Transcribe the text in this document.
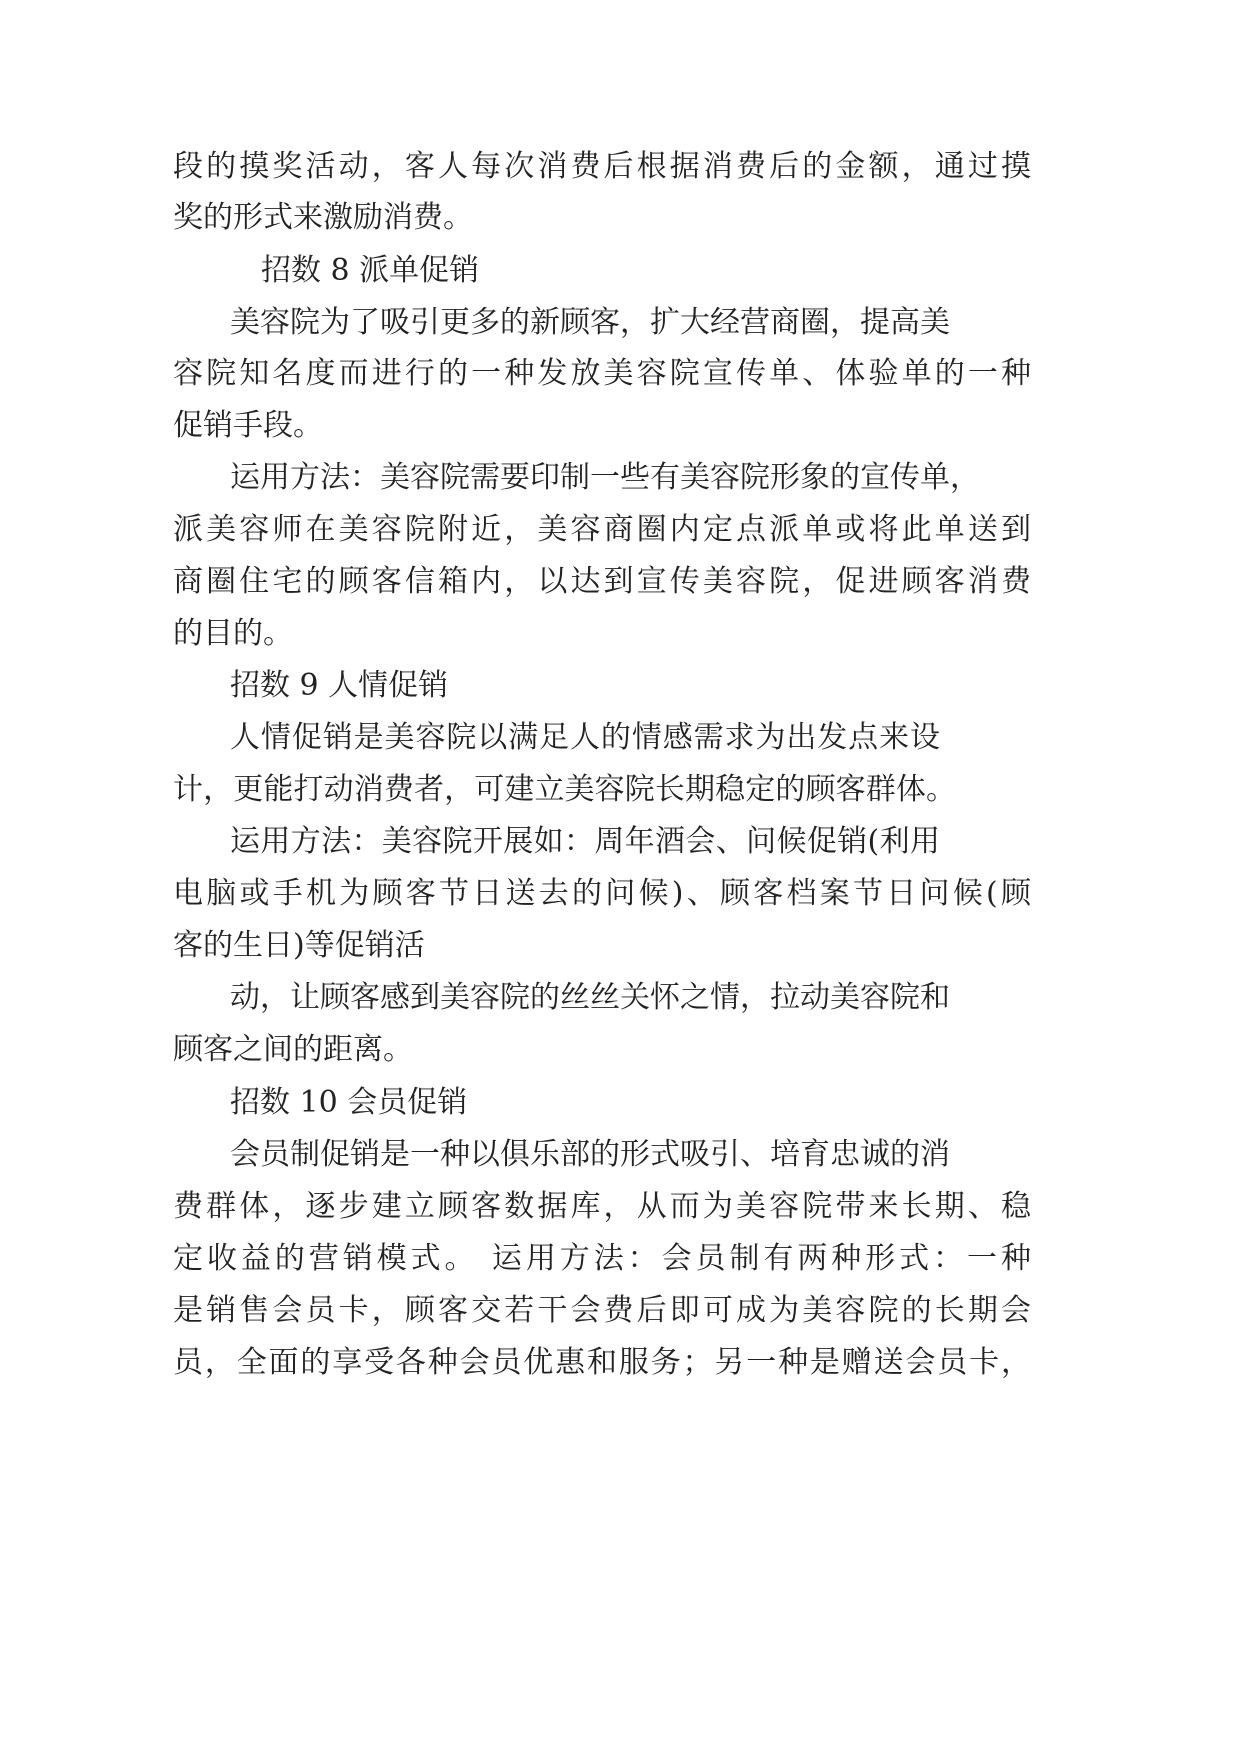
段的摸奖活动，客人每次消费后根据消费后的金额，通过摸
奖的形式来激励消费。
招数 8 派单促销
美容院为了吸引更多的新顾客，扩大经营商圈，提高美
容院知名度而进行的一种发放美容院宣传单、体验单的一种
促销手段。
运用方法：美容院需要印制一些有美容院形象的宣传单，
派美容师在美容院附近，美容商圈内定点派单或将此单送到
商圈住宅的顾客信箱内，以达到宣传美容院，促进顾客消费
的目的。
招数 9 人情促销
人情促销是美容院以满足人的情感需求为出发点来设
计，更能打动消费者，可建立美容院长期稳定的顾客群体。
运用方法：美容院开展如：周年酒会、问候促销(利用
电脑或手机为顾客节日送去的问候)、顾客档案节日问候(顾
客的生日)等促销活
动，让顾客感到美容院的丝丝关怀之情，拉动美容院和
顾客之间的距离。
招数 10 会员促销
会员制促销是一种以俱乐部的形式吸引、培育忠诚的消
费群体，逐步建立顾客数据库，从而为美容院带来长期、稳
定收益的营销模式。 运用方法：会员制有两种形式：一种
是销售会员卡，顾客交若干会费后即可成为美容院的长期会
员，全面的享受各种会员优惠和服务；另一种是赠送会员卡，
